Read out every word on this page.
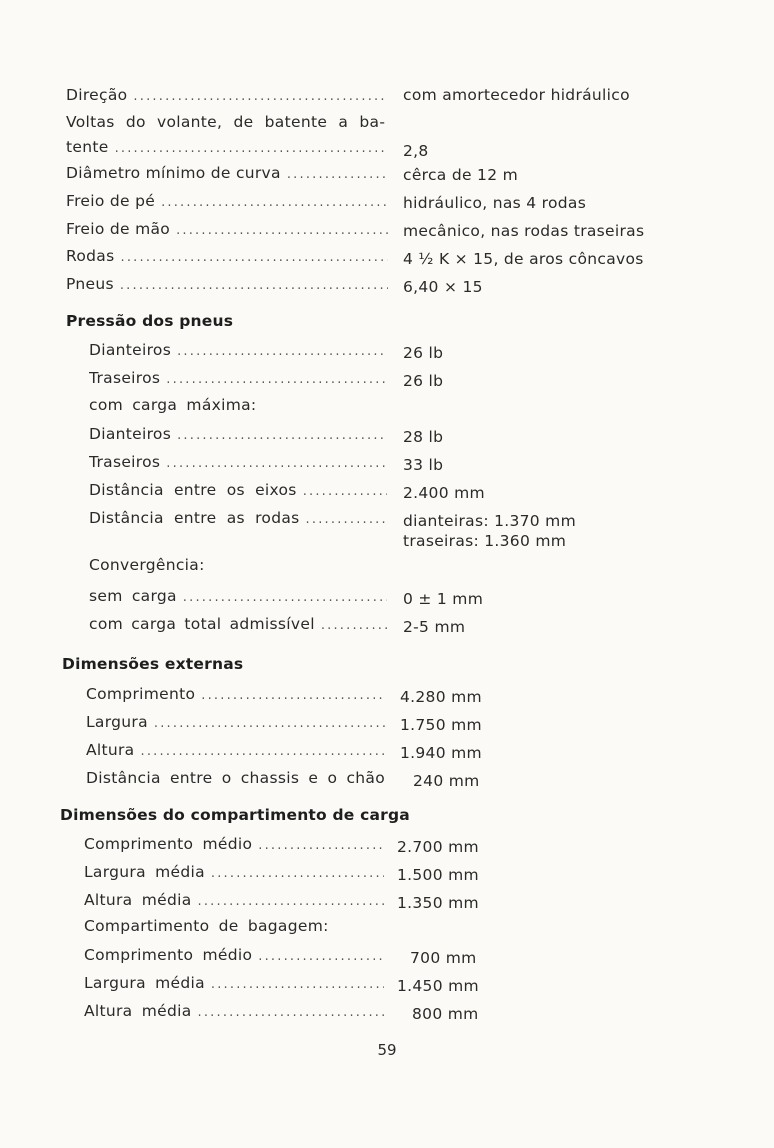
Direção .....	com amortecedor hidráulico
Voltas do volante, de batente a ba-
tente .....	2,8
Diâmetro mínimo de curva .....	cêrca de 12 m
Freio de pé .....	hidráulico, nas 4 rodas
Freio de mão .....	mecânico, nas rodas traseiras
Rodas .....	4 ½ K × 15, de aros côncavos
Pneus .....	6,40 × 15
Pressão dos pneus
Dianteiros .....	26 lb
Traseiros .....	26 lb
com carga máxima:
Dianteiros .....	28 lb
Traseiros .....	33 lb
Distância entre os eixos .....	2.400 mm
Distância entre as rodas .....	dianteiras: 1.370 mm
traseiras: 1.360 mm
Convergência:
sem carga .....	0 ± 1 mm
com carga total admissível .....	2-5 mm
Dimensões externas
Comprimento .....	4.280 mm
Largura .....	1.750 mm
Altura .....	1.940 mm
Distância entre o chassis e o chão 240 mm
Dimensões do compartimento de carga
Comprimento médio .....	2.700 mm
Largura média .....	1.500 mm
Altura média .....	1.350 mm
Compartimento de bagagem:
Comprimento médio .....	700 mm
Largura média .....	1.450 mm
Altura média .....	800 mm
59
